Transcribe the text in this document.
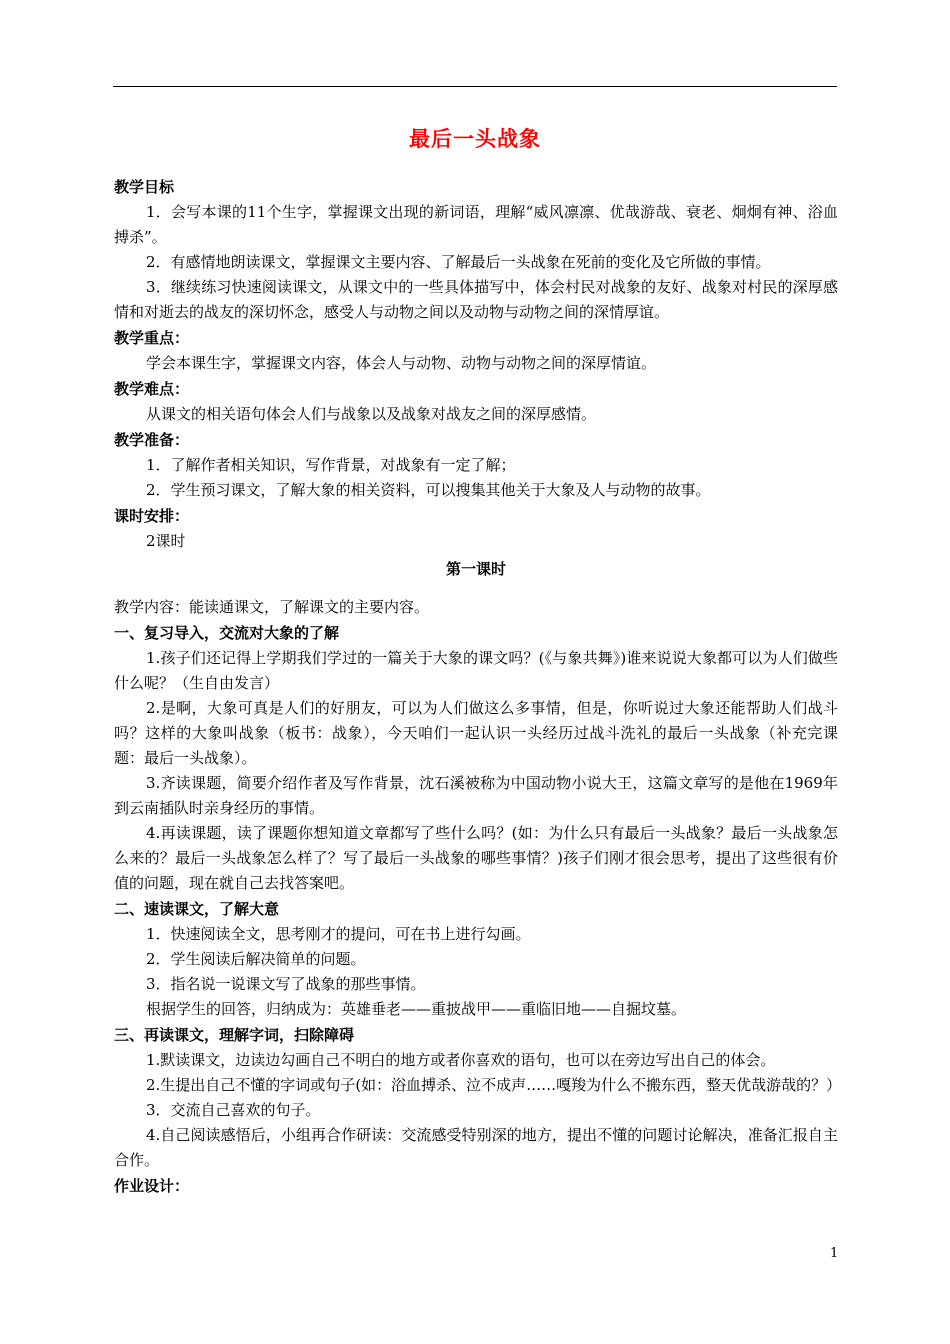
最后一头战象
教学目标
1．会写本课的11个生字，掌握课文出现的新词语，理解“威风凛凛、优哉游哉、衰老、炯炯有神、浴血搏杀”。
2．有感情地朗读课文，掌握课文主要内容、了解最后一头战象在死前的变化及它所做的事情。
3．继续练习快速阅读课文，从课文中的一些具体描写中，体会村民对战象的友好、战象对村民的深厚感情和对逝去的战友的深切怀念，感受人与动物之间以及动物与动物之间的深情厚谊。
教学重点：
学会本课生字，掌握课文内容，体会人与动物、动物与动物之间的深厚情谊。
教学难点：
从课文的相关语句体会人们与战象以及战象对战友之间的深厚感情。
教学准备：
1．了解作者相关知识，写作背景，对战象有一定了解；
2．学生预习课文，了解大象的相关资料，可以搜集其他关于大象及人与动物的故事。
课时安排：
2课时
第一课时
教学内容：能读通课文，了解课文的主要内容。
一、复习导入，交流对大象的了解
1.孩子们还记得上学期我们学过的一篇关于大象的课文吗？(《与象共舞》)谁来说说大象都可以为人们做些什么呢？（生自由发言）
2.是啊，大象可真是人们的好朋友，可以为人们做这么多事情，但是，你听说过大象还能帮助人们战斗吗？这样的大象叫战象（板书：战象），今天咱们一起认识一头经历过战斗洗礼的最后一头战象（补充完课题：最后一头战象）。
3.齐读课题，简要介绍作者及写作背景，沈石溪被称为中国动物小说大王，这篇文章写的是他在1969年到云南插队时亲身经历的事情。
4.再读课题，读了课题你想知道文章都写了些什么吗？(如：为什么只有最后一头战象？最后一头战象怎么来的？最后一头战象怎么样了？写了最后一头战象的哪些事情？)孩子们刚才很会思考，提出了这些很有价值的问题，现在就自己去找答案吧。
二、速读课文，了解大意
1．快速阅读全文，思考刚才的提问，可在书上进行勾画。
2．学生阅读后解决简单的问题。
3．指名说一说课文写了战象的那些事情。
根据学生的回答，归纳成为：英雄垂老——重披战甲——重临旧地——自掘坟墓。
三、再读课文，理解字词，扫除障碍
1.默读课文，边读边勾画自己不明白的地方或者你喜欢的语句，也可以在旁边写出自己的体会。
2.生提出自己不懂的字词或句子(如：浴血搏杀、泣不成声……嘎羧为什么不搬东西，整天优哉游哉的？）
3．交流自己喜欢的句子。
4.自己阅读感悟后，小组再合作研读：交流感受特别深的地方，提出不懂的问题讨论解决，准备汇报自主合作。
作业设计：
1
